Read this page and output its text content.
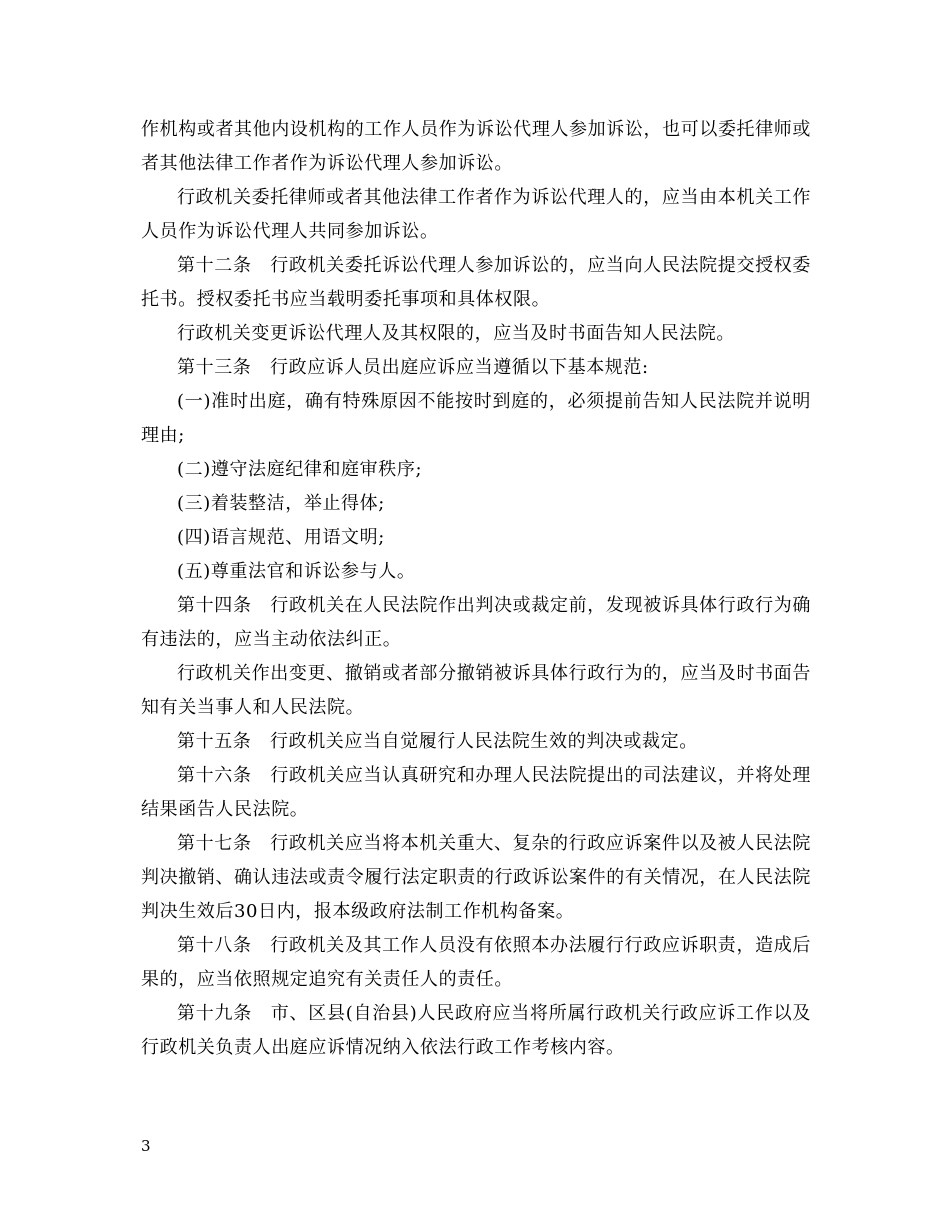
作机构或者其他内设机构的工作人员作为诉讼代理人参加诉讼，也可以委托律师或者其他法律工作者作为诉讼代理人参加诉讼。

行政机关委托律师或者其他法律工作者作为诉讼代理人的，应当由本机关工作人员作为诉讼代理人共同参加诉讼。

第十二条　行政机关委托诉讼代理人参加诉讼的，应当向人民法院提交授权委托书。授权委托书应当载明委托事项和具体权限。

行政机关变更诉讼代理人及其权限的，应当及时书面告知人民法院。

第十三条　行政应诉人员出庭应诉应当遵循以下基本规范:

(一)准时出庭，确有特殊原因不能按时到庭的，必须提前告知人民法院并说明理由;

(二)遵守法庭纪律和庭审秩序;

(三)着装整洁，举止得体;

(四)语言规范、用语文明;

(五)尊重法官和诉讼参与人。

第十四条　行政机关在人民法院作出判决或裁定前，发现被诉具体行政行为确有违法的，应当主动依法纠正。

行政机关作出变更、撤销或者部分撤销被诉具体行政行为的，应当及时书面告知有关当事人和人民法院。

第十五条　行政机关应当自觉履行人民法院生效的判决或裁定。

第十六条　行政机关应当认真研究和办理人民法院提出的司法建议，并将处理结果函告人民法院。

第十七条　行政机关应当将本机关重大、复杂的行政应诉案件以及被人民法院判决撤销、确认违法或责令履行法定职责的行政诉讼案件的有关情况，在人民法院判决生效后30日内，报本级政府法制工作机构备案。

第十八条　行政机关及其工作人员没有依照本办法履行行政应诉职责，造成后果的，应当依照规定追究有关责任人的责任。

第十九条　市、区县(自治县)人民政府应当将所属行政机关行政应诉工作以及行政机关负责人出庭应诉情况纳入依法行政工作考核内容。

3
